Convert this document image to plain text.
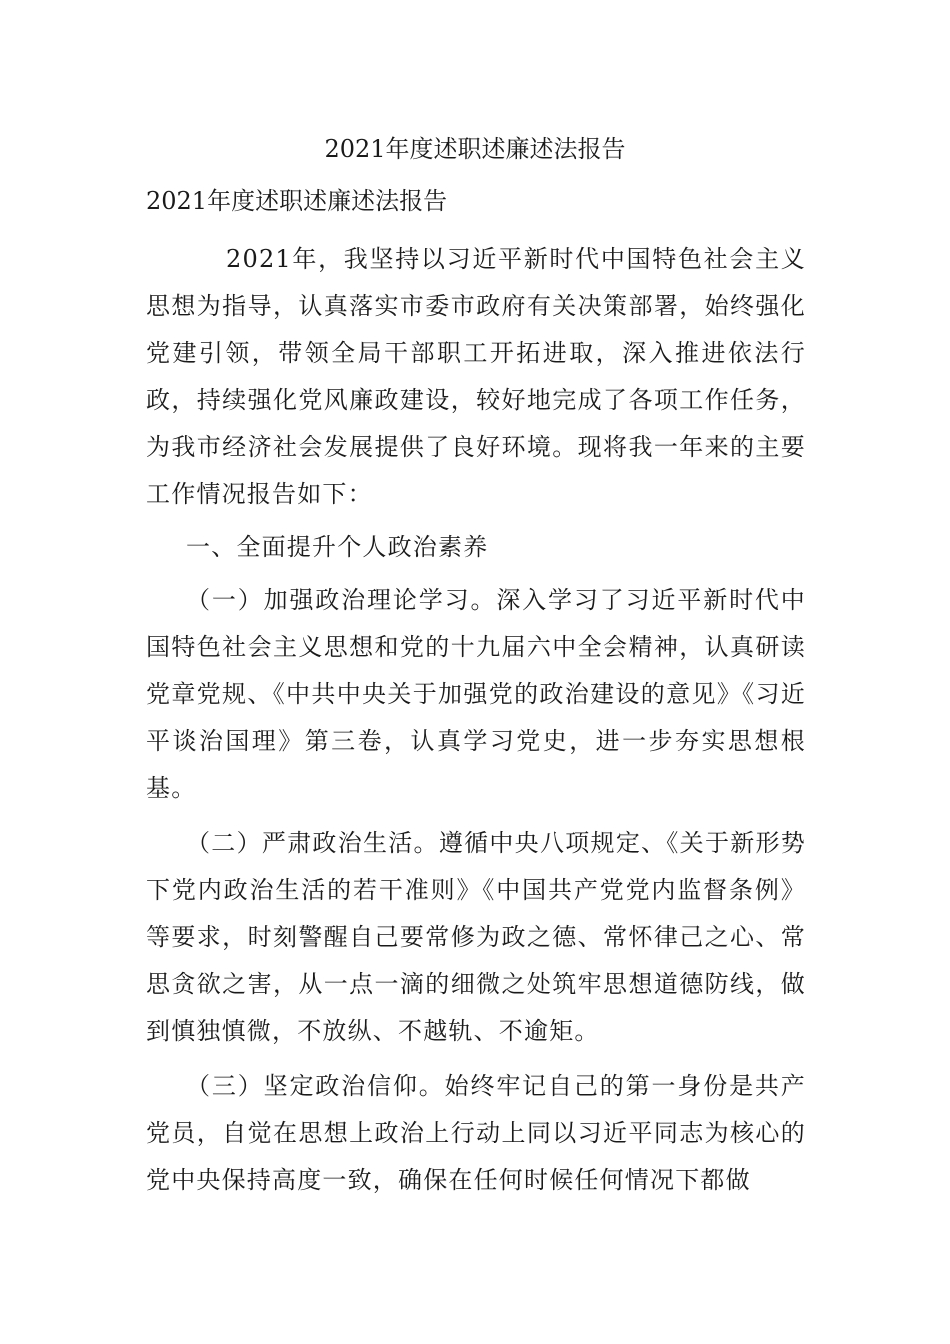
2021年度述职述廉述法报告
2021年度述职述廉述法报告

2021年，我坚持以习近平新时代中国特色社会主义思想为指导，认真落实市委市政府有关决策部署，始终强化党建引领，带领全局干部职工开拓进取，深入推进依法行政，持续强化党风廉政建设，较好地完成了各项工作任务，为我市经济社会发展提供了良好环境。现将我一年来的主要工作情况报告如下：

一、全面提升个人政治素养

（一）加强政治理论学习。深入学习了习近平新时代中国特色社会主义思想和党的十九届六中全会精神，认真研读党章党规、《中共中央关于加强党的政治建设的意见》《习近平谈治国理》第三卷，认真学习党史，进一步夯实思想根基。

（二）严肃政治生活。遵循中央八项规定、《关于新形势下党内政治生活的若干准则》《中国共产党党内监督条例》等要求，时刻警醒自己要常修为政之德、常怀律己之心、常思贪欲之害，从一点一滴的细微之处筑牢思想道德防线，做到慎独慎微，不放纵、不越轨、不逾矩。

（三）坚定政治信仰。始终牢记自己的第一身份是共产党员，自觉在思想上政治上行动上同以习近平同志为核心的党中央保持高度一致，确保在任何时候任何情况下都做
